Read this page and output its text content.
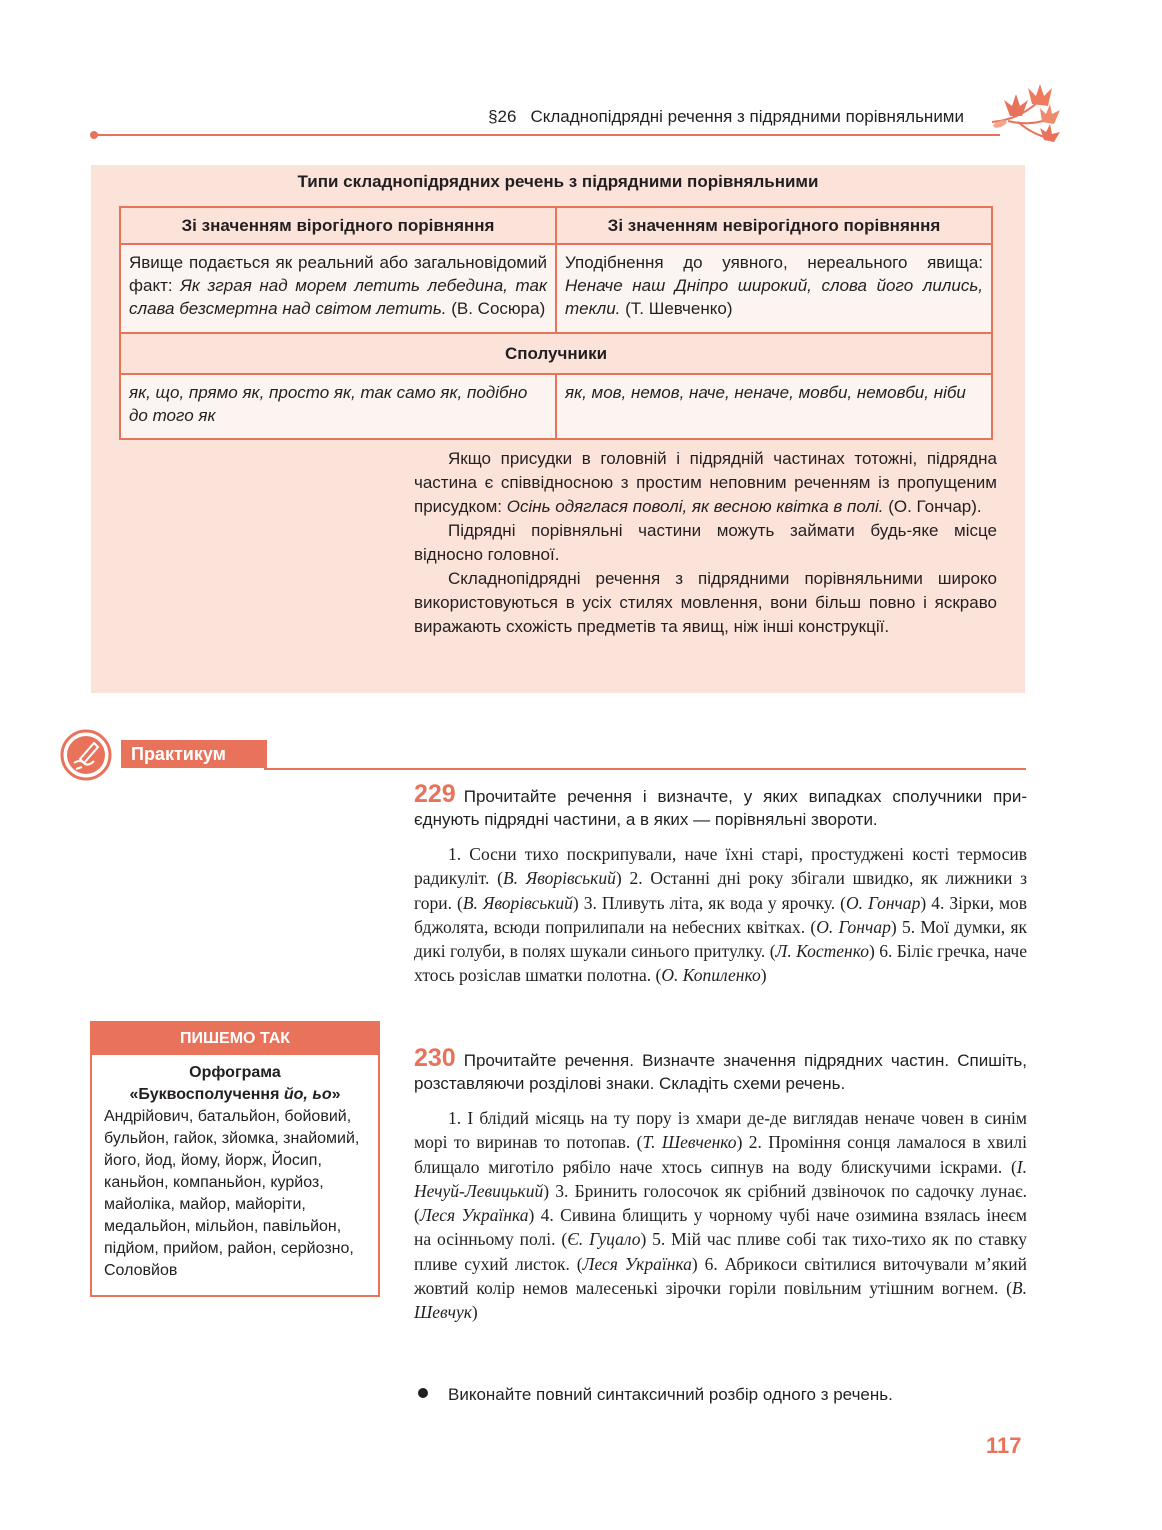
§26 Складнопідрядні речення з підрядними порівняльними
Типи складнопідрядних речень з підрядними порівняльними
Зі значенням вірогідного порівняння	Зі значенням невірогідного порівняння
Явище подається як реальний або загальновідомий факт: Як зграя над морем летить лебедина, так слава безсмертна над світом летить. (В. Сосюра)	Уподібнення до уявного, нереального явища: Неначе наш Дніпро широкий, слова його лились, текли. (Т. Шевченко)
Сполучники	
як, що, прямо як, просто як, так само як, подібно до того як	як, мов, немов, наче, неначе, мовби, немовби, ніби

Якщо присудки в головній і підрядній частинах тотожні, підрядна частина є співвідносною з простим неповним реченням із пропущеним присудком: Осінь одяглася поволі, як весною квітка в полі. (О. Гончар).

Підрядні порівняльні частини можуть займати будь-яке місце відносно головної.

Складнопідрядні речення з підрядними порівняльними широко використовуються в усіх стилях мовлення, вони більш повно і яскраво виражають схожість предметів та явищ, ніж інші конструкції.

Практикум
229 Прочитайте речення і визначте, у яких випадках сполучники приєднують підрядні частини, а в яких — порівняльні звороти.
1. Сосни тихо поскрипували, наче їхні старі, простуджені кості термосив радикуліт. (В. Яворівський) 2. Останні дні року збігали швидко, як лижники з гори. (В. Яворівський) 3. Пливуть літа, як вода у ярочку. (О. Гончар) 4. Зірки, мов бджолята, всюди поприлипали на небесних квітках. (О. Гончар) 5. Мої думки, як дикі голуби, в полях шукали синього притулку. (Л. Костенко) 6. Біліє гречка, наче хтось розіслав шматки полотна. (О. Копиленко)
230 Прочитайте речення. Визначте значення підрядних частин. Спишіть, розставляючи розділові знаки. Складіть схеми речень.
1. І блідий місяць на ту пору із хмари де-де виглядав неначе човен в синім морі то виринав то потопав. (Т. Шевченко) 2. Проміння сонця ламалося в хвилі блищало миготіло рябіло наче хтось сипнув на воду блискучими іскрами. (І. Нечуй-Левицький) 3. Бринить голосочок як срібний дзвіночок по садочку лунає. (Леся Українка) 4. Сивина блищить у чорному чубі наче озимина взялась інеєм на осінньому полі. (Є. Гуцало) 5. Мій час пливе собі так тихо-тихо як по ставку пливе сухий листок. (Леся Українка) 6. Абрикоси світилися виточували м’який жовтий колір немов малесенькі зірочки горіли повільним утішним вогнем. (В. Шевчук)
Виконайте повний синтаксичний розбір одного з речень.
ПИШЕМО ТАК
Орфограма
«Буквосполучення йо, ьо»
Андрійович, батальйон, бойовий, бульйон, гайок, зйомка, знайомий, його, йод, йому, йорж, Йосип, каньйон, компаньйон, курйоз, майоліка, майор, майоріти, медальйон, мільйон, павільйон, підйом, прийом, район, серйозно, Соловйов
117
